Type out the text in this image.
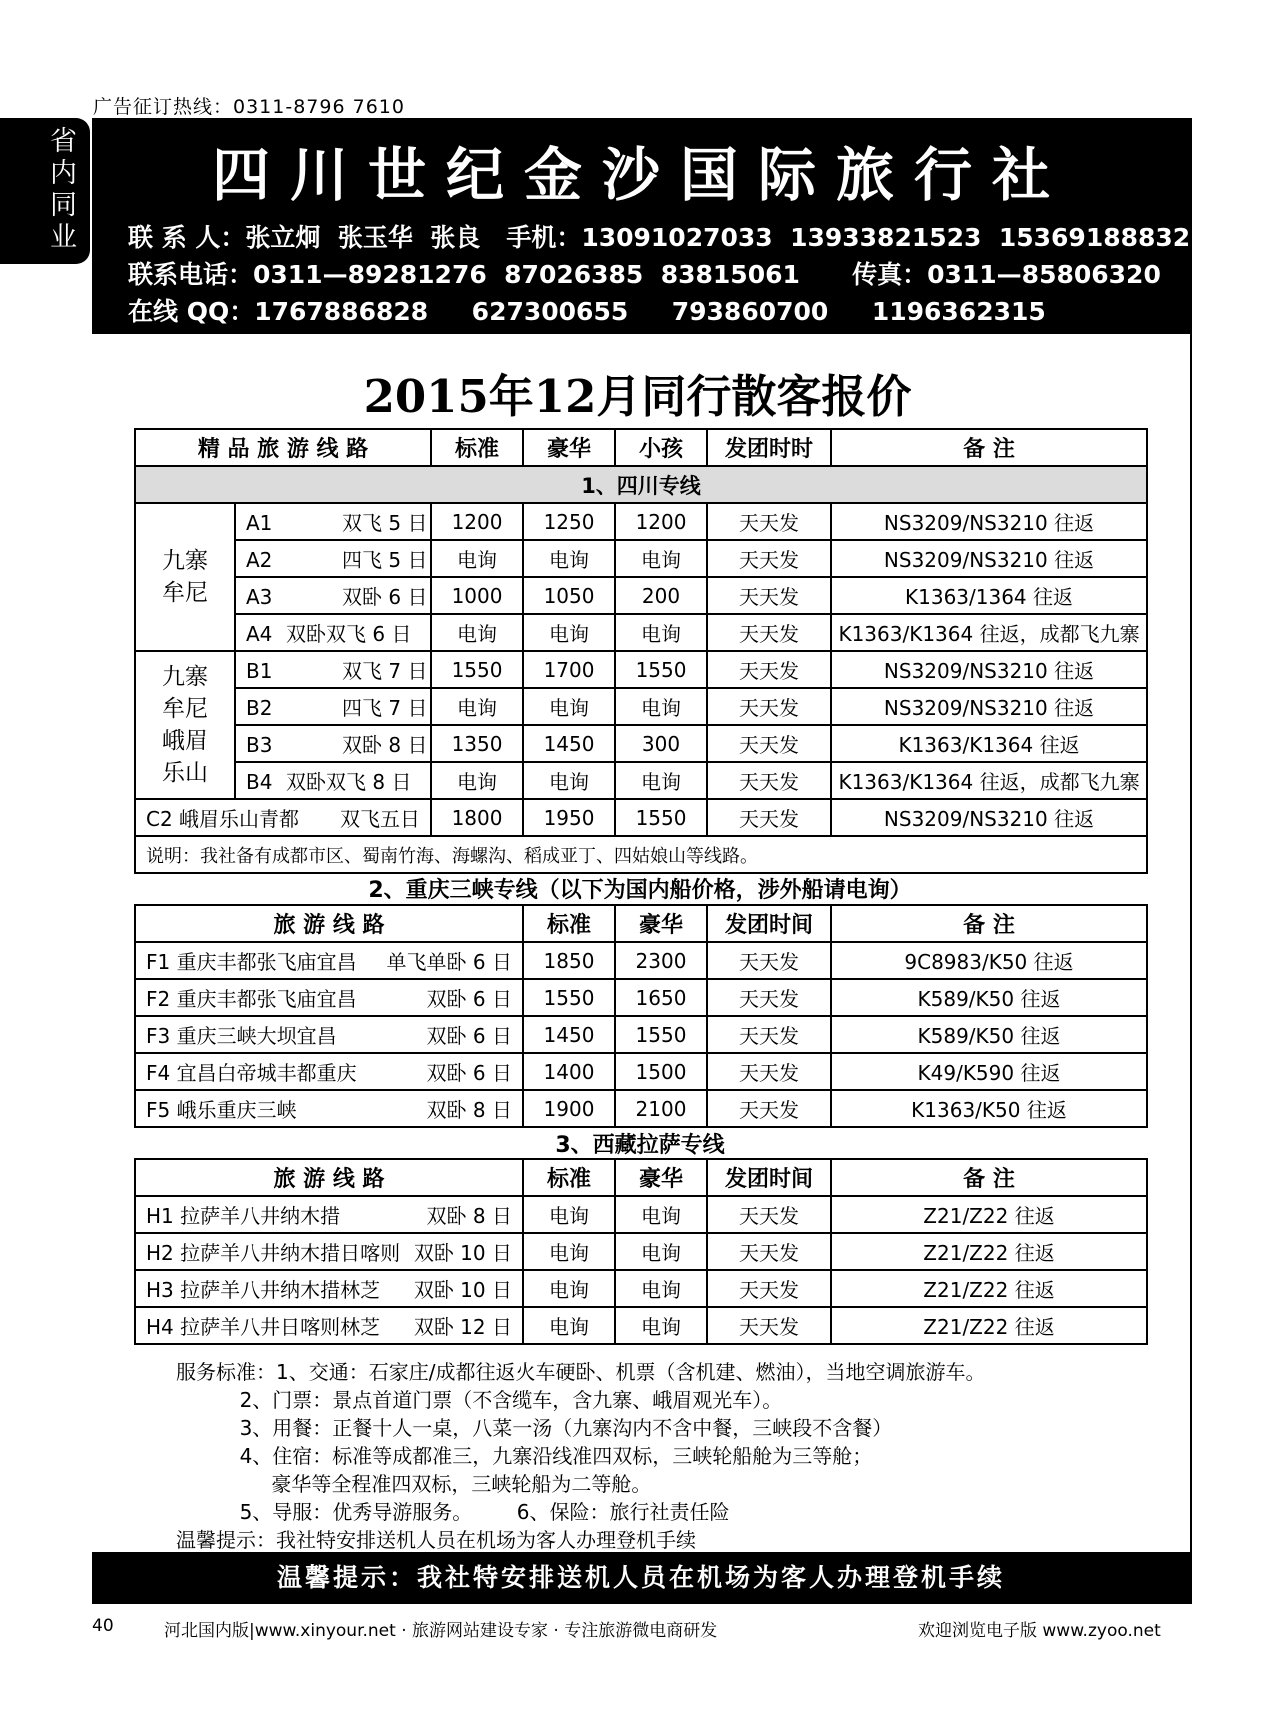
广告征订热线：0311-8796 7610
省
内
同
业
四川世纪金沙国际旅行社
联 系 人：张立炯  张玉华  张良   手机：13091027033  13933821523  15369188832
联系电话：0311—89281276  87026385  83815061      传真：0311—85806320
在线 QQ：1767886828     627300655     793860700     1196362315
2015年12月同行散客报价
精 品 旅 游 线 路		标准	豪华	小孩	发团时时	备 注
1、四川专线						

九寨牟尼	A1 双飞 5 日	1200	1250	1200	天天发	NS3209/NS3210 往返
	A2 四飞 5 日	电询	电询	电询	天天发	NS3209/NS3210 往返
	A3 双卧 6 日	1000	1050	200	天天发	K1363/1364 往返
	A4 双卧双飞 6 日	电询	电询	电询	天天发	K1363/K1364 往返，成都飞九寨

九寨牟尼峨眉乐山	B1 双飞 7 日	1550	1700	1550	天天发	NS3209/NS3210 往返
	B2 四飞 7 日	电询	电询	电询	天天发	NS3209/NS3210 往返
	B3 双卧 8 日	1350	1450	300	天天发	K1363/K1364 往返
	B4 双卧双飞 8 日	电询	电询	电询	天天发	K1363/K1364 往返，成都飞九寨

C2 峨眉乐山青都 双飞五日		1800	1950	1550	天天发	NS3209/NS3210 往返
说明：我社备有成都市区、蜀南竹海、海螺沟、稻成亚丁、四姑娘山等线路。						
2、重庆三峡专线（以下为国内船价格，涉外船请电询）
旅 游 线 路	标准	豪华	发团时间	备 注

F1 重庆丰都张飞庙宜昌 单飞单卧 6 日	1850	2300	天天发	9C8983/K50 往返

F2 重庆丰都张飞庙宜昌 双卧 6 日	1550	1650	天天发	K589/K50 往返

F3 重庆三峡大坝宜昌 双卧 6 日	1450	1550	天天发	K589/K50 往返

F4 宜昌白帝城丰都重庆 双卧 6 日	1400	1500	天天发	K49/K590 往返

F5 峨乐重庆三峡 双卧 8 日	1900	2100	天天发	K1363/K50 往返
3、西藏拉萨专线
旅 游 线 路	标准	豪华	发团时间	备 注

H1 拉萨羊八井纳木措 双卧 8 日	电询	电询	天天发	Z21/Z22 往返

H2 拉萨羊八井纳木措日喀则 双卧 10 日	电询	电询	天天发	Z21/Z22 往返

H3 拉萨羊八井纳木措林芝 双卧 10 日	电询	电询	天天发	Z21/Z22 往返

H4 拉萨羊八井日喀则林芝 双卧 12 日	电询	电询	天天发	Z21/Z22 往返
服务标准：1、交通：石家庄/成都往返火车硬卧、机票（含机建、燃油），当地空调旅游车。
2、门票：景点首道门票（不含缆车，含九寨、峨眉观光车）。
3、用餐：正餐十人一桌，八菜一汤（九寨沟内不含中餐，三峡段不含餐）
4、住宿：标准等成都准三，九寨沿线准四双标，三峡轮船舱为三等舱；
豪华等全程准四双标，三峡轮船为二等舱。
5、导服：优秀导游服务。       6、保险：旅行社责任险
温馨提示：我社特安排送机人员在机场为客人办理登机手续
温馨提示：我社特安排送机人员在机场为客人办理登机手续
40	河北国内版|www.xinyour.net · 旅游网站建设专家 · 专注旅游微电商研发	欢迎浏览电子版 www.zyoo.net
